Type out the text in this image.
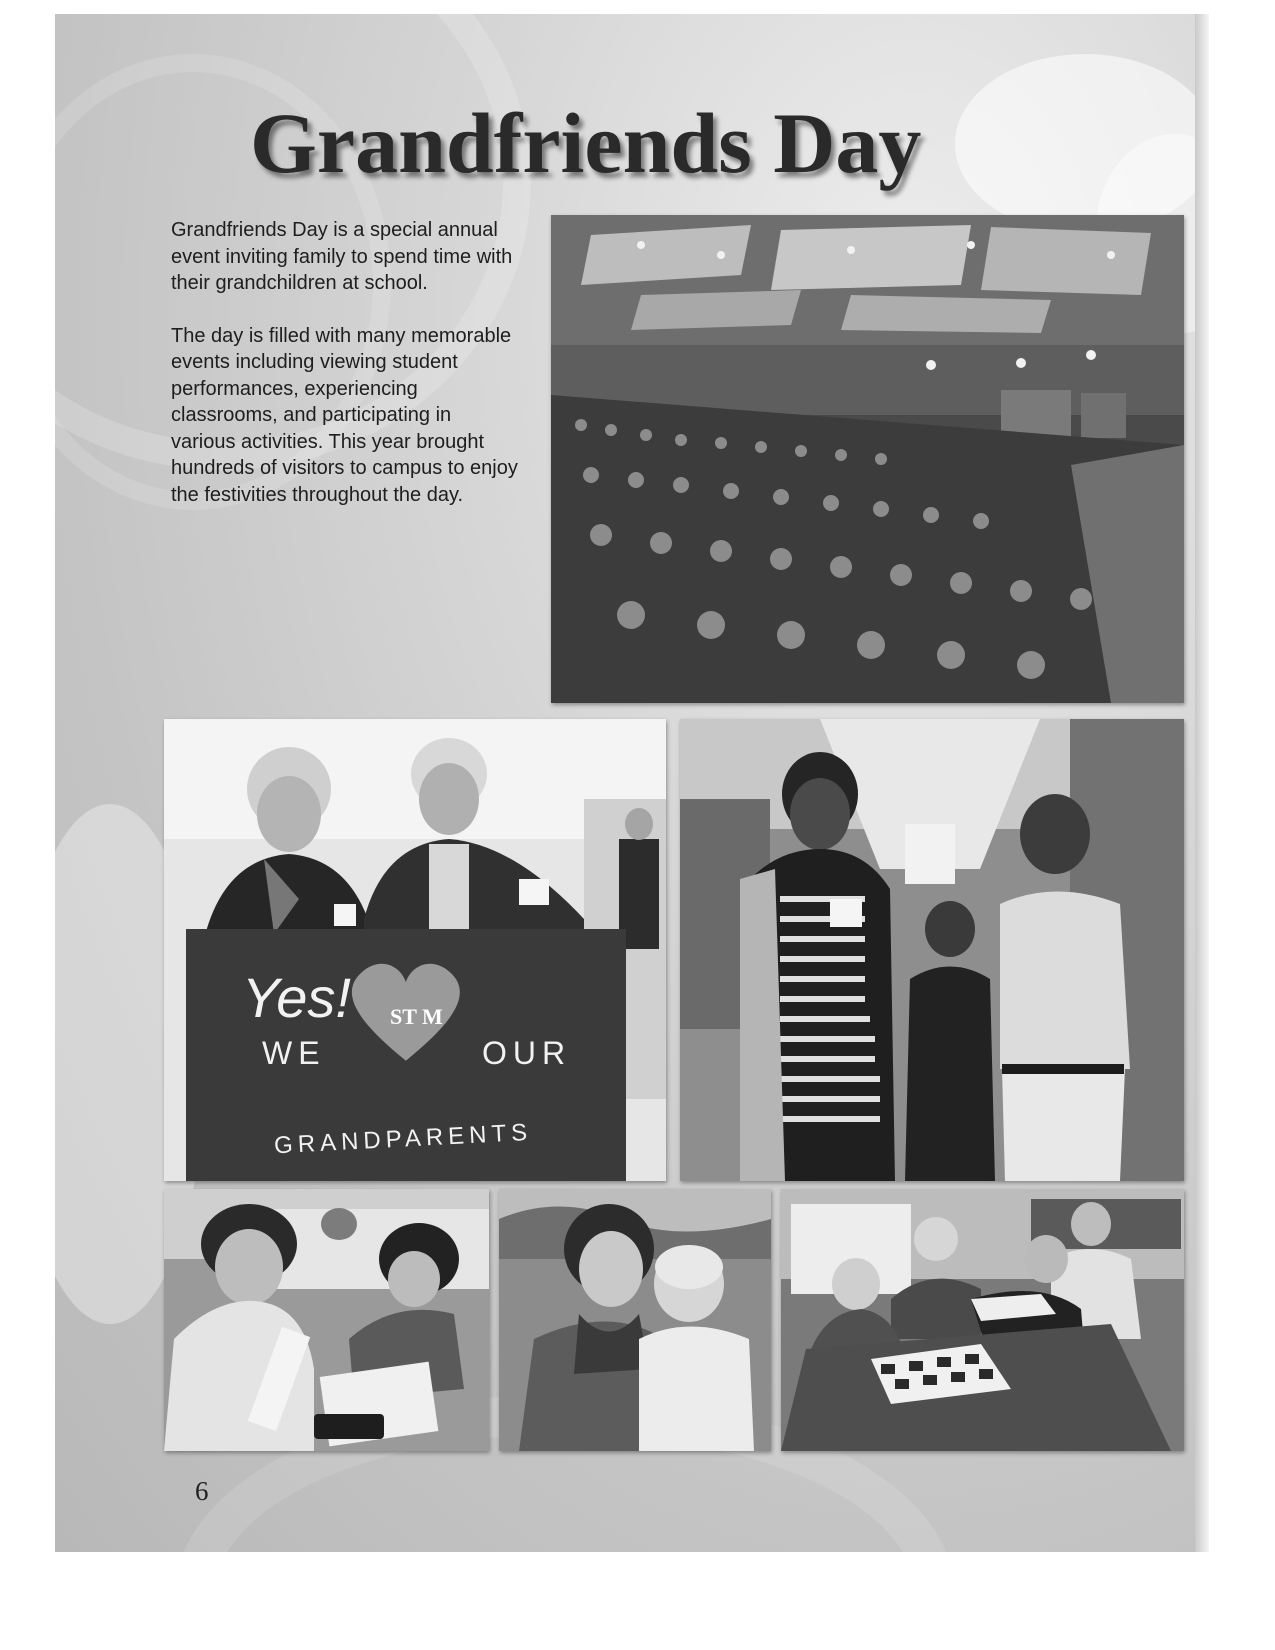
Grandfriends Day

Grandfriends Day is a special annual event inviting family to spend time with their grandchildren at school.

The day is filled with many memorable events including viewing student performances, experiencing classrooms, and participating in various activities. This year brought hundreds of visitors to campus to enjoy the festivities throughout the day.

Yes! ST M
WE	OUR
GRANDPARENTS

6
